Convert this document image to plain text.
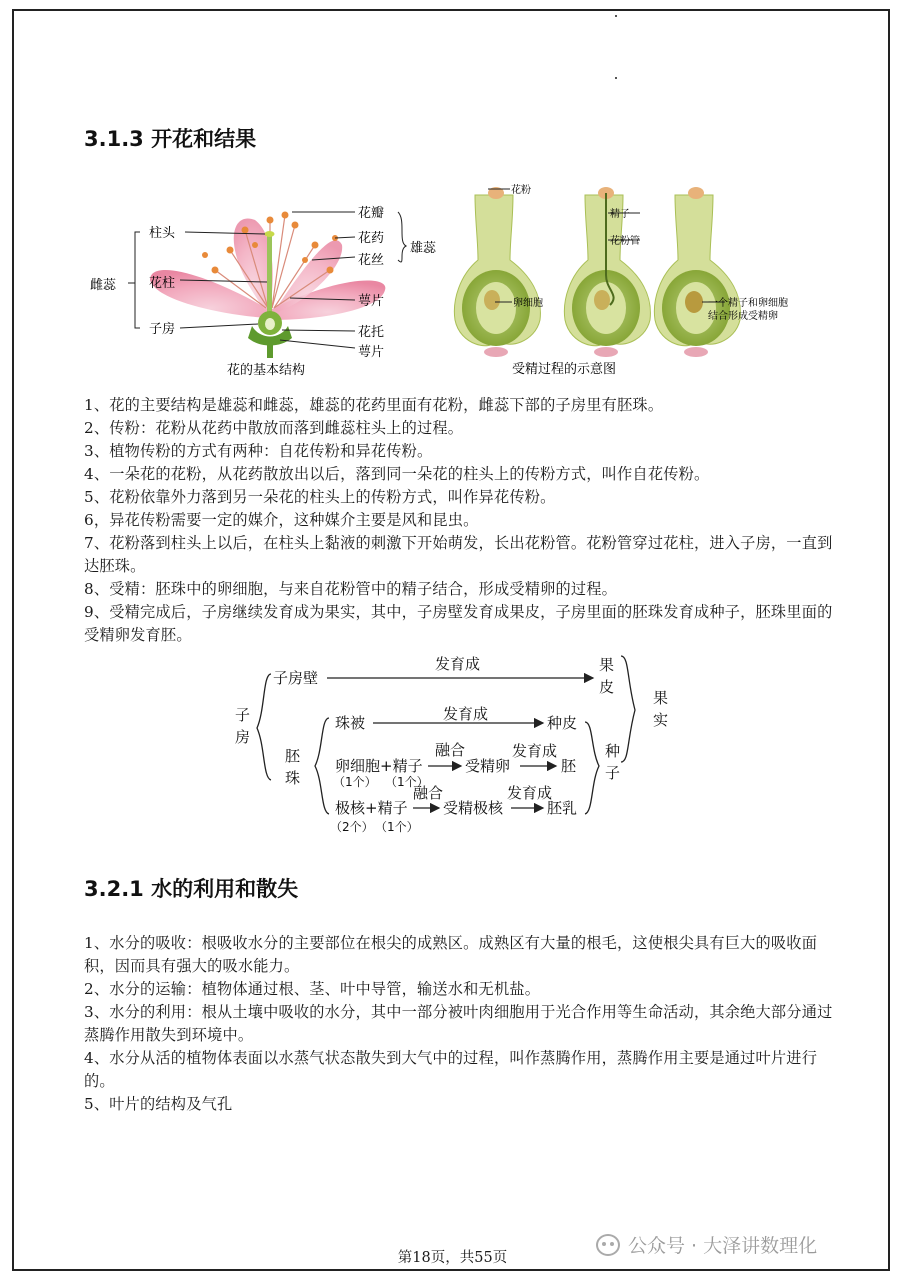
3.1.3 开花和结果
柱头
花柱
子房
雌蕊
花瓣
花药
花丝
雄蕊
萼片
花托
萼片
花的基本结构
花粉
精子
花粉管
卵细胞	一个精子和卵细胞
结合形成受精卵
受精过程的示意图

1、花的主要结构是雄蕊和雌蕊，雄蕊的花药里面有花粉，雌蕊下部的子房里有胚珠。

2、传粉：花粉从花药中散放而落到雌蕊柱头上的过程。

3、植物传粉的方式有两种：自花传粉和异花传粉。

4、一朵花的花粉，从花药散放出以后，落到同一朵花的柱头上的传粉方式，叫作自花传粉。

5、花粉依靠外力落到另一朵花的柱头上的传粉方式，叫作异花传粉。

6，异花传粉需要一定的媒介，这种媒介主要是风和昆虫。

7、花粉落到柱头上以后，在柱头上黏液的刺激下开始萌发，长出花粉管。花粉管穿过花柱，进入子房，一直到达胚珠。

8、受精：胚珠中的卵细胞，与来自花粉管中的精子结合，形成受精卵的过程。

9、受精完成后，子房继续发育成为果实，其中，子房壁发育成果皮，子房里面的胚珠发育成种子，胚珠里面的受精卵发育胚。

子
房
子房壁
发育成	果
皮
果
实
胚
珠
珠被	发育成	种皮
卵细胞+精子
融合
受精卵
发育成
胚
极核+精子
融合
受精极核
发育成
胚乳
种
子
（1个） （1个）
（2个） （1个）
3.2.1 水的利用和散失

1、水分的吸收：根吸收水分的主要部位在根尖的成熟区。成熟区有大量的根毛，这使根尖具有巨大的吸收面积，因而具有强大的吸水能力。

2、水分的运输：植物体通过根、茎、叶中导管，输送水和无机盐。

3、水分的利用：根从土壤中吸收的水分，其中一部分被叶肉细胞用于光合作用等生命活动，其余绝大部分通过蒸腾作用散失到环境中。

4、水分从活的植物体表面以水蒸气状态散失到大气中的过程，叫作蒸腾作用，蒸腾作用主要是通过叶片进行的。

5、叶片的结构及气孔

公众号 · 大泽讲数理化
第18页，共55页
